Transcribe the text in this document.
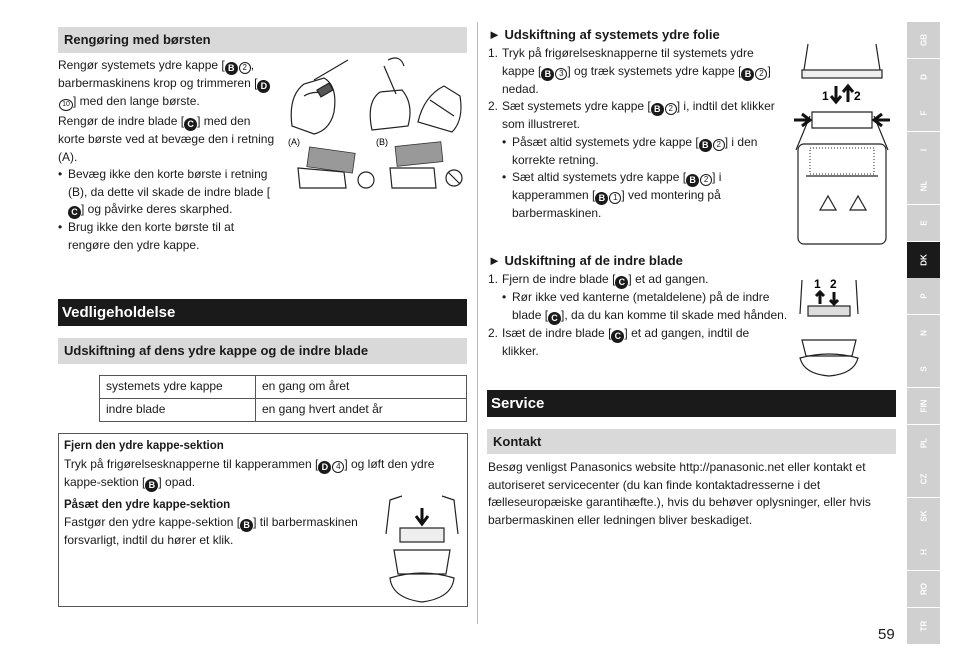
Rengøring med børsten

Rengør systemets ydre kappe [ B 2 , barbermaskinens krop og trimmeren [ D10 ] med den lange børste.

Rengør de indre blade [ C ] med den korte børste ved at bevæge den i retning (A).

• Bevæg ikke den korte børste i retning (B), da dette vil skade de indre blade [C ] og påvirke deres skarphed.
• Brug ikke den korte børste til at rengøre den ydre kappe.
(A)	(B)
Vedligeholdelse
Udskiftning af dens ydre kappe og de indre blade
systemets ydre kappe	en gang om året
indre blade	en gang hvert andet år

Fjern den ydre kappe-sektion

Tryk på frigørelsesknapperne til kapperammen [ D 4 ] og løft den ydre kappe-sektion [ B ] opad.

Påsæt den ydre kappe-sektion

Fastgør den ydre kappe-sektion [ B ] til barbermaskinen forsvarligt, indtil du hører et klik.

► Udskiftning af systemets ydre folie
1. Tryk på frigørelsesknapperne til systemets ydre kappe [ B 3 ] og træk systemets ydre kappe [ B 2 ] nedad.
2. Sæt systemets ydre kappe [ B 2 ] i, indtil det klikker som illustreret.
• Påsæt altid systemets ydre kappe [ B 2 ] i den korrekte retning.
• Sæt altid systemets ydre kappe [ B 2 ] i kapperammen [ B 1 ] ved montering på barbermaskinen.
1 2
► Udskiftning af de indre blade
1. Fjern de indre blade [ C ] et ad gangen.
• Rør ikke ved kanterne (metaldelene) på de indre blade [ C ], da du kan komme til skade med hånden.
2. Isæt de indre blade [ C ] et ad gangen, indtil de klikker.
1 2
Service
Kontakt

Besøg venligst Panasonics website http://panasonic.net eller kontakt et autoriseret servicecenter (du kan finde kontaktadresserne i det fælleseuropæiske garantihæfte.), hvis du behøver oplysninger, eller hvis barbermaskinen eller ledningen bliver beskadiget.

GB
D
F
I
NL
E
DK
P
N
S
FIN
PL
CZ
SK
H
RO
TR
59
